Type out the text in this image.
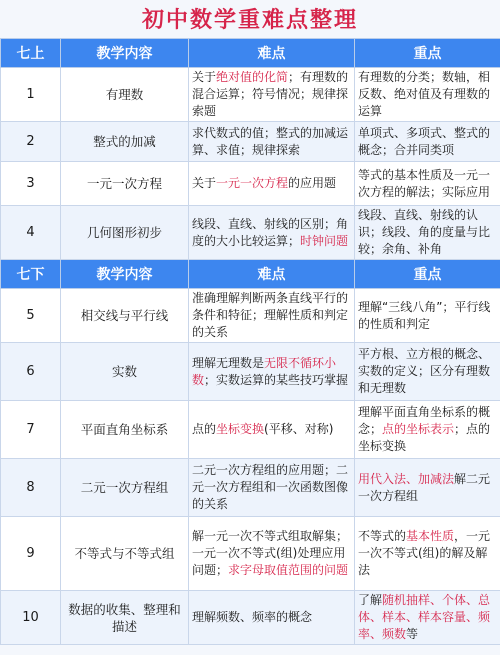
初中数学重难点整理
七上	教学内容	难点	重点
1	有理数	关于绝对值的化简；有理数的混合运算；符号情况；规律探索题	有理数的分类；数轴，相反数、绝对值及有理数的运算
2	整式的加减	求代数式的值；整式的加减运算、求值；规律探索	单项式、多项式、整式的概念；合并同类项
3	一元一次方程	关于一元一次方程的应用题	等式的基本性质及一元一次方程的解法；实际应用
4	几何图形初步	线段、直线、射线的区别；角度的大小比较运算；时钟问题	线段、直线、射线的认识；线段、角的度量与比较；余角、补角
七下	教学内容	难点	重点
5	相交线与平行线	准确理解判断两条直线平行的条件和特征；理解性质和判定的关系	理解“三线八角”；平行线的性质和判定
6	实数	理解无理数是无限不循环小数；实数运算的某些技巧掌握	平方根、立方根的概念、实数的定义；区分有理数和无理数
7	平面直角坐标系	点的坐标变换(平移、对称)	理解平面直角坐标系的概念；点的坐标表示；点的坐标变换
8	二元一次方程组	二元一次方程组的应用题；二元一次方程组和一次函数图像的关系	用代入法、加减法解二元一次方程组
9	不等式与不等式组	解一元一次不等式组取解集；一元一次不等式(组)处理应用问题；求字母取值范围的问题	不等式的基本性质，一元一次不等式(组)的解及解法
10	数据的收集、整理和描述	理解频数、频率的概念	了解随机抽样、个体、总体、样本、样本容量、频率、频数等
